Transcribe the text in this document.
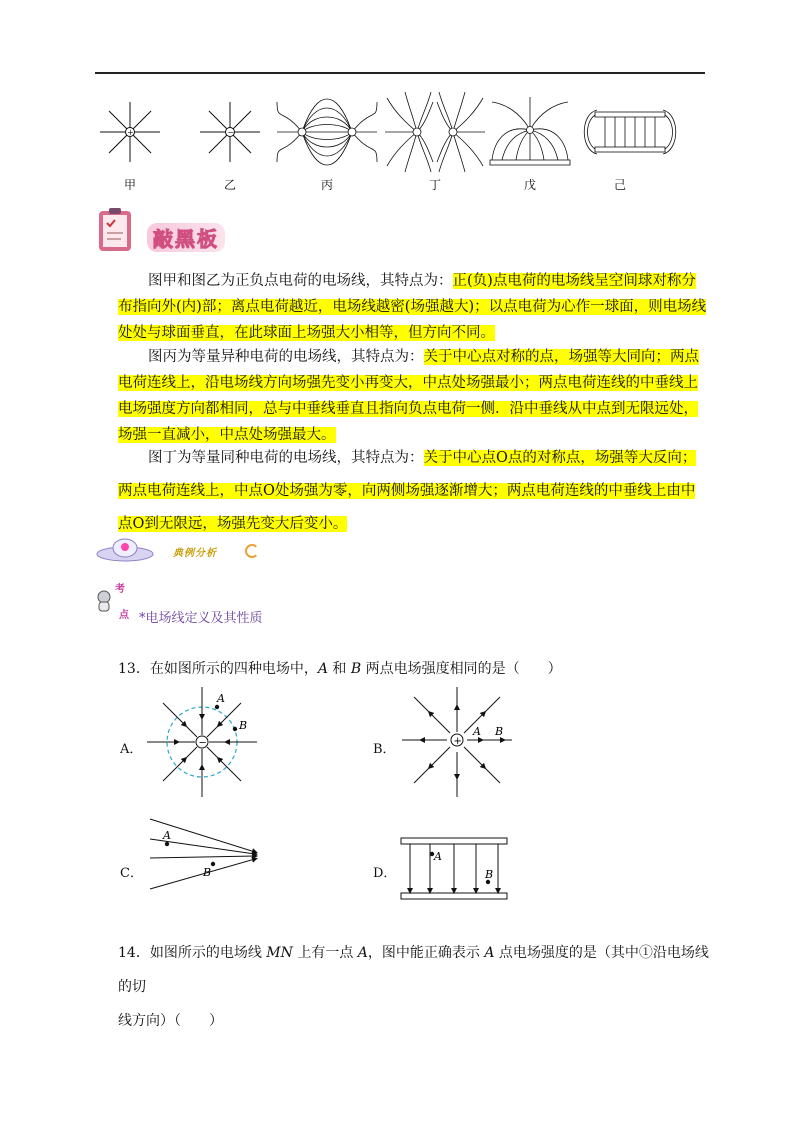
+	−
甲	乙	丙	丁	戊	己
敲黑板
图甲和图乙为正负点电荷的电场线，其特点为：正(负)点电荷的电场线呈空间球对称分布指向外(内)部；离点电荷越近，电场线越密(场强越大)；以点电荷为心作一球面，则电场线处处与球面垂直，在此球面上场强大小相等，但方向不同。
图丙为等量异种电荷的电场线，其特点为：关于中心点对称的点，场强等大同向；两点电荷连线上，沿电场线方向场强先变小再变大，中点处场强最小；两点电荷连线的中垂线上电场强度方向都相同，总与中垂线垂直且指向负点电荷一侧．沿中垂线从中点到无限远处，场强一直减小，中点处场强最大。
图丁为等量同种电荷的电场线，其特点为：关于中心点O点的对称点，场强等大反向；两点电荷连线上，中点O处场强为零，向两侧场强逐渐增大；两点电荷连线的中垂线上由中点O到无限远，场强先变大后变小。
典例分析
考
点 *电场线定义及其性质
13．在如图所示的四种电场中，A 和 B 两点电场强度相同的是（　　）
A．	B．
C．	D．
−
A
B
+
A B
A
B
A
B
14．如图所示的电场线 MN 上有一点 A，图中能正确表示 A 点电场强度的是（其中①沿电场线的切
线方向）（　　）
